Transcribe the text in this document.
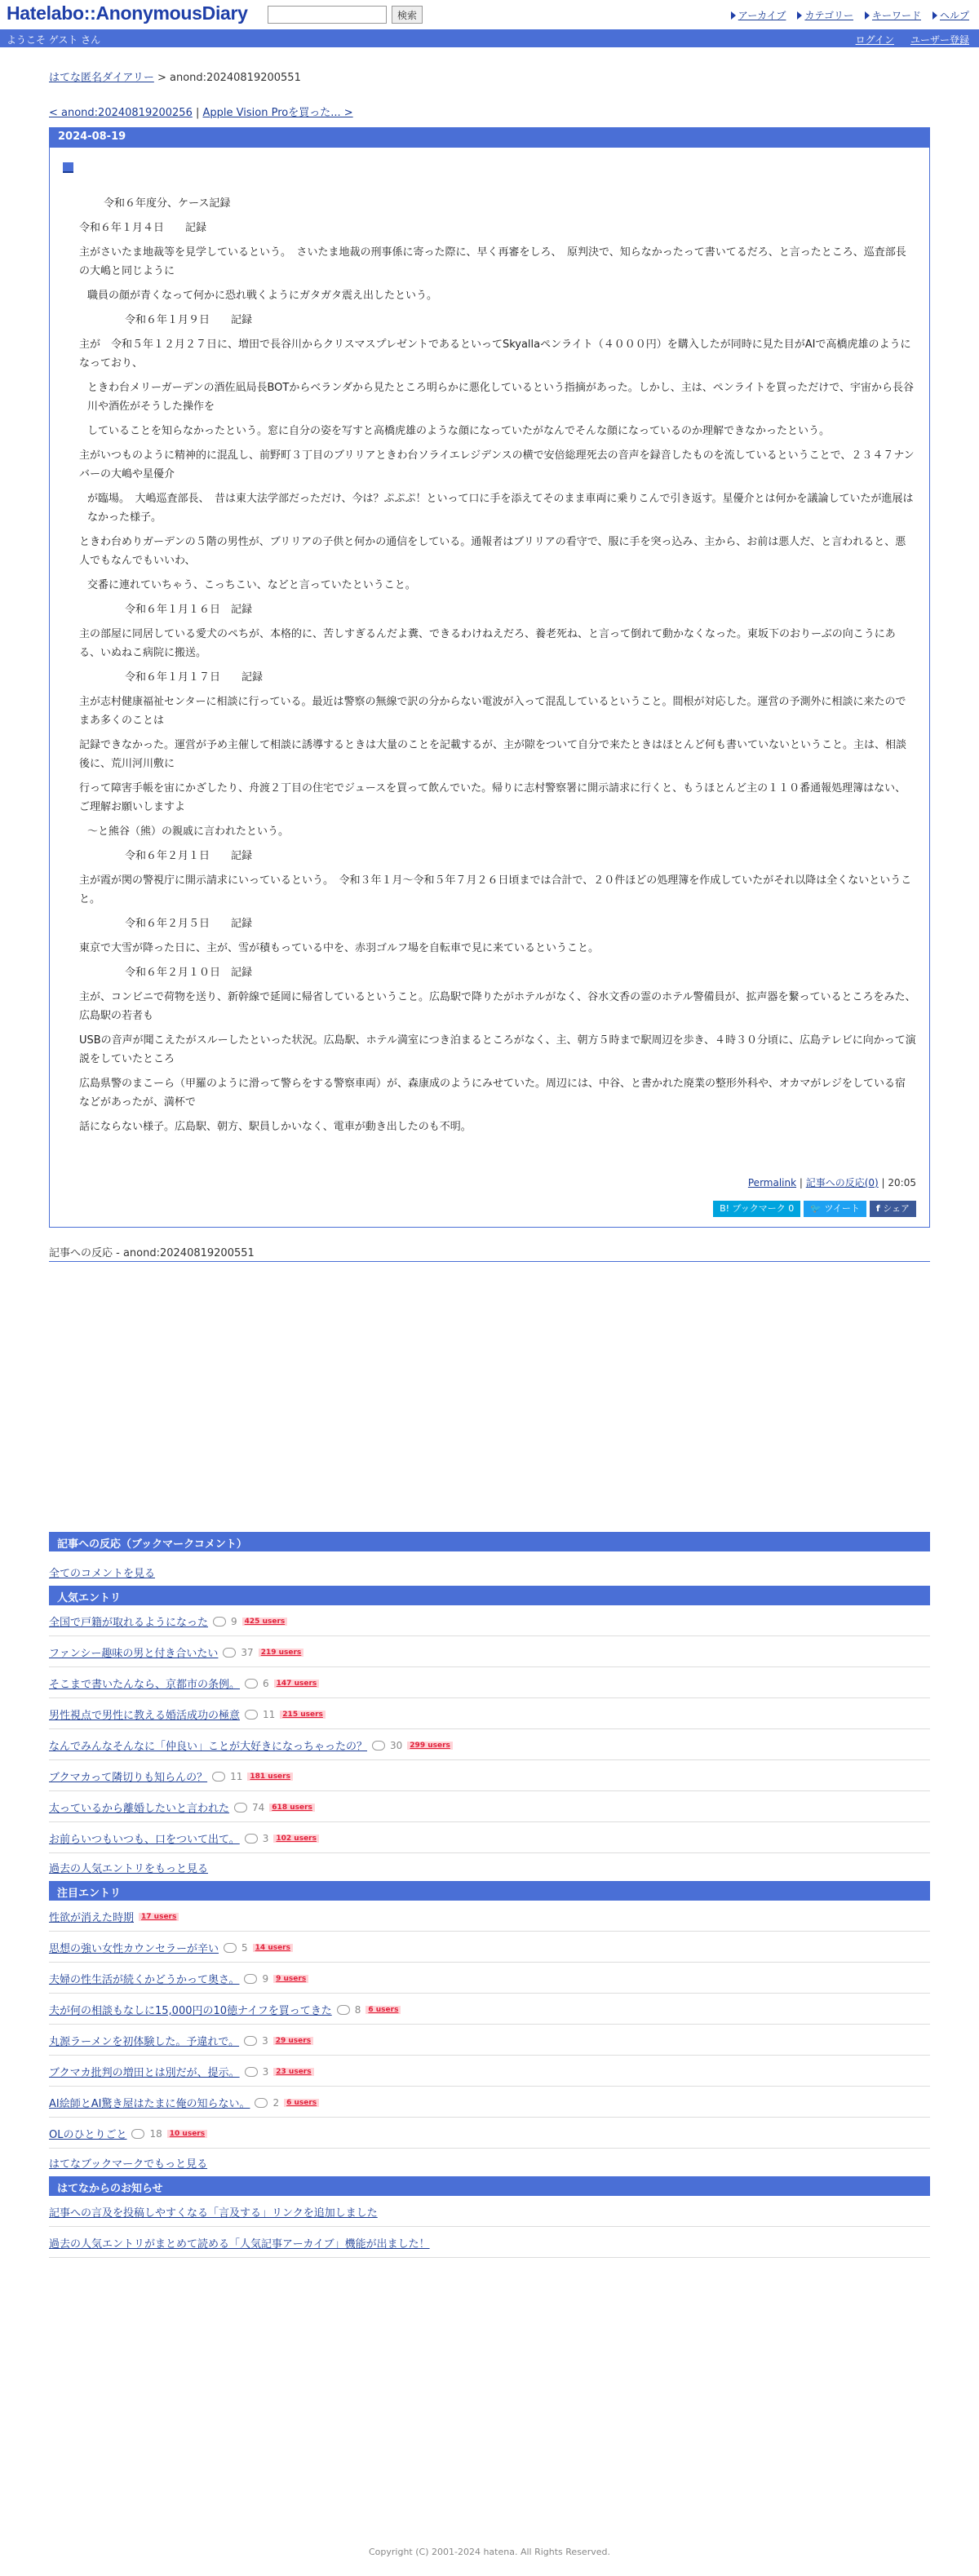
Hatelabo::AnonymousDiary	検索	アーカイブ	カテゴリー	キーワード	ヘルプ
ようこそ ゲスト さん	ログイン ユーザー登録
はてな匿名ダイアリー > anond:20240819200551
< anond:20240819200256 | Apple Vision Proを買った... >
2024-08-19

令和６年度分、ケース記録

令和６年１月４日　　記録

主がさいたま地裁等を見学しているという。　さいたま地裁の刑事係に寄った際に、早く再審をしろ、　原判決で、知らなかったって書いてるだろ、と言ったところ、巡査部長の大嶋と同じように

職員の顔が青くなって何かに恐れ戦くようにガタガタ震え出したという。

令和６年１月９日　　記録

主が　令和５年１２月２７日に、増田で長谷川からクリスマスプレゼントであるといってSkyallaペンライト（４０００円）を購入したが同時に見た目がAIで高橋虎雄のようになっており、

ときわ台メリーガーデンの酒佐凪局長BOTからベランダから見たところ明らかに悪化しているという指摘があった。しかし、主は、ペンライトを買っただけで、宇宙から長谷川や酒佐がそうした操作を

していることを知らなかったという。窓に自分の姿を写すと高橋虎雄のような顔になっていたがなんでそんな顔になっているのか理解できなかったという。

主がいつものように精神的に混乱し、前野町３丁目のブリリアときわ台ソライエレジデンスの横で安倍総理死去の音声を録音したものを流しているということで、２３４７ナンバーの大嶋や星優介

が臨場。　大嶋巡査部長、　昔は東大法学部だっただけ、今は？ぷぷぷ！といって口に手を添えてそのまま車両に乗りこんで引き返す。星優介とは何かを議論していたが進展はなかった様子。

ときわ台めりガーデンの５階の男性が、ブリリアの子供と何かの通信をしている。通報者はブリリアの看守で、服に手を突っ込み、主から、お前は悪人だ、と言われると、悪人でもなんでもいいわ、

交番に連れていちゃう、こっちこい、などと言っていたということ。

令和６年１月１６日　記録

主の部屋に同居している愛犬のペちが、本格的に、苦しすぎるんだよ糞、できるわけねえだろ、養老死ね、と言って倒れて動かなくなった。東坂下のおりーぶの向こうにある、いぬねこ病院に搬送。

令和６年１月１７日　　記録

主が志村健康福祉センターに相談に行っている。最近は警察の無線で訳の分からない電波が入って混乱しているということ。間根が対応した。運営の予測外に相談に来たのでまあ多くのことは

記録できなかった。運営が予め主催して相談に誘導するときは大量のことを記載するが、主が隙をついて自分で来たときはほとんど何も書いていないということ。主は、相談後に、荒川河川敷に

行って障害手帳を宙にかざしたり、舟渡２丁目の住宅でジュースを買って飲んでいた。帰りに志村警察署に開示請求に行くと、もうほとんど主の１１０番通報処理簿はない、ご理解お願いしますよ

〜と熊谷（熊）の親戚に言われたという。

令和６年２月１日　　記録

主が霞が関の警視庁に開示請求にいっているという。　令和３年１月〜令和５年７月２６日頃までは合計で、２０件ほどの処理簿を作成していたがそれ以降は全くないということ。

令和６年２月５日　　記録

東京で大雪が降った日に、主が、雪が積もっている中を、赤羽ゴルフ場を自転車で見に来ているということ。

令和６年２月１０日　記録

主が、コンビニで荷物を送り、新幹線で延岡に帰省しているということ。広島駅で降りたがホテルがなく、谷水文香の霊のホテル警備員が、拡声器を繋っているところをみた、広島駅の若者も

USBの音声が聞こえたがスルーしたといった状況。広島駅、ホテル満室につき泊まるところがなく、主、朝方５時まで駅周辺を歩き、４時３０分頃に、広島テレビに向かって演説をしていたところ

広島県警のまこーら（甲羅のように滑って警らをする警察車両）が、森康成のようにみせていた。周辺には、中谷、と書かれた廃業の整形外科や、オカマがレジをしている宿などがあったが、満杯で

話にならない様子。広島駅、朝方、駅員しかいなく、電車が動き出したのも不明。

Permalink | 記事への反応(0) | 20:05
B! ブックマーク 0 🐦 ツイート f シェア
記事への反応 - anond:20240819200551
記事への反応（ブックマークコメント）
全てのコメントを見る
人気エントリ
全国で戸籍が取れるようになった 9	425 users
ファンシー趣味の男と付き合いたい 37	219 users
そこまで書いたんなら、京都市の条例。 6	147 users
男性視点で男性に教える婚活成功の極意 11	215 users
なんでみんなそんなに「仲良い」ことが大好きになっちゃったの？ 30	299 users
ブクマカって隣切りも知らんの？ 11	181 users
太っているから離婚したいと言われた 74	618 users
お前らいつもいつも、口をついて出て。 3	102 users
過去の人気エントリをもっと見る
注目エントリ
性欲が消えた時期	17 users
思想の強い女性カウンセラーが辛い 5	14 users
夫婦の性生活が続くかどうかって奥さ。 9	9 users
夫が何の相談もなしに15,000円の10徳ナイフを買ってきた 8	6 users
丸源ラーメンを初体験した。予違れで。 3	29 users
ブクマカ批判の増田とは別だが、提示。 3	23 users
AI絵師とAI驚き屋はたまに俺の知らない。 2	6 users
OLのひとりごと 18	10 users
はてなブックマークでもっと見る
はてなからのお知らせ
記事への言及を投稿しやすくなる「言及する」リンクを追加しました
過去の人気エントリがまとめて読める「人気記事アーカイブ」機能が出ました！
Copyright (C) 2001-2024 hatena. All Rights Reserved.
